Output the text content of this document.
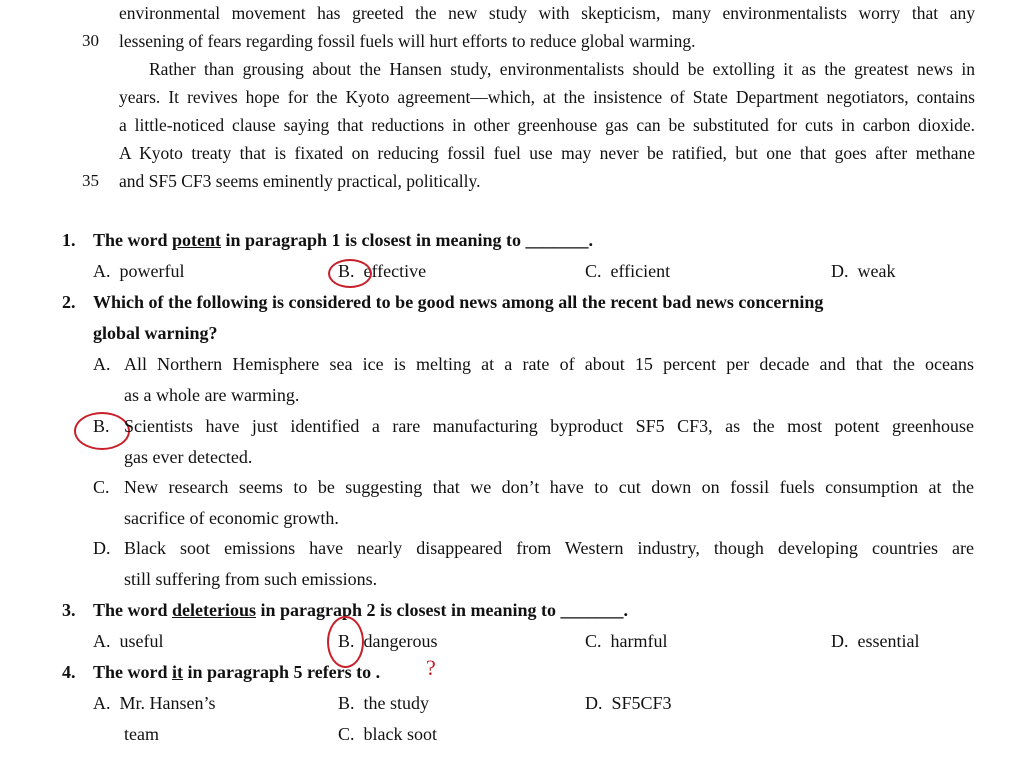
environmental movement has greeted the new study with skepticism, many environmentalists worry that any
30 lessening of fears regarding fossil fuels will hurt efforts to reduce global warming.
Rather than grousing about the Hansen study, environmentalists should be extolling it as the greatest news in
years. It revives hope for the Kyoto agreement—which, at the insistence of State Department negotiators, contains
a little-noticed clause saying that reductions in other greenhouse gas can be substituted for cuts in carbon dioxide.
A Kyoto treaty that is fixated on reducing fossil fuel use may never be ratified, but one that goes after methane
35 and SF5 CF3 seems eminently practical, politically.
1. The word potent in paragraph 1 is closest in meaning to _______.
A. powerful	B. effective	C. efficient	D. weak
2. Which of the following is considered to be good news among all the recent bad news concerning
global warning?
A. All Northern Hemisphere sea ice is melting at a rate of about 15 percent per decade and that the oceans
as a whole are warming.
B. Scientists have just identified a rare manufacturing byproduct SF5 CF3, as the most potent greenhouse
gas ever detected.
C. New research seems to be suggesting that we don’t have to cut down on fossil fuels consumption at the
sacrifice of economic growth.
D. Black soot emissions have nearly disappeared from Western industry, though developing countries are
still suffering from such emissions.
3. The word deleterious in paragraph 2 is closest in meaning to _______.
A. useful	B. dangerous	C. harmful	D. essential
4. The word it in paragraph 5 refers to . ?
A. Mr. Hansen’s
team
B. the study
C. black soot
D. SF5CF3
